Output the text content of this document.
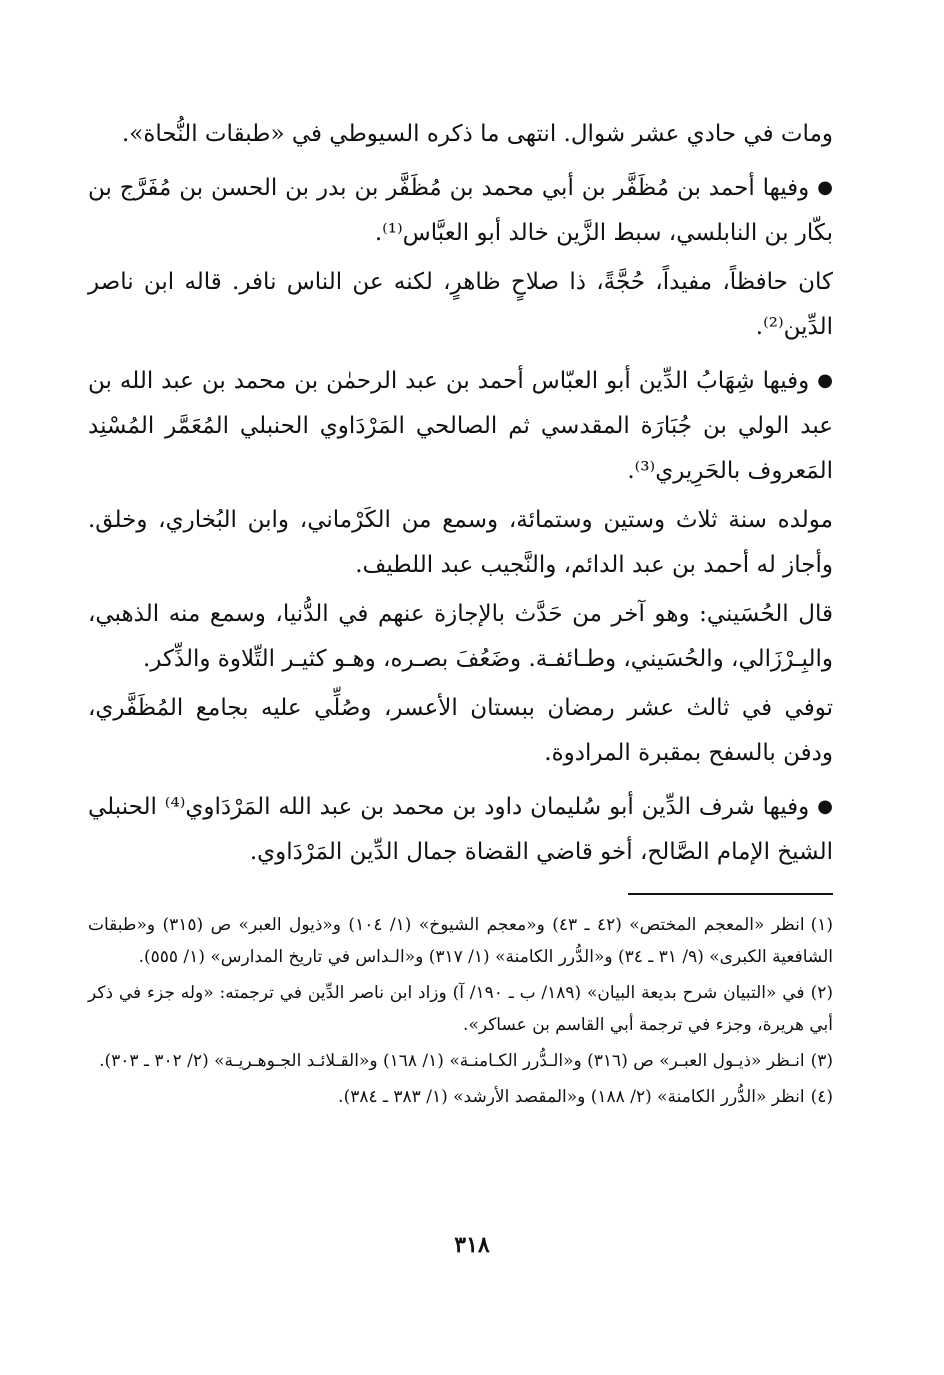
ومات في حادي عشر شوال. انتهى ما ذكره السيوطي في «طبقات النُّحاة».

●وفيها أحمد بن مُظَفَّر بن أبي محمد بن مُظَفَّر بن بدر بن الحسن بن مُفَرَّج بن بكّار بن النابلسي، سبط الزَّين خالد أبو العبَّاس⁽¹⁾.

كان حافظاً، مفيداً، حُجَّةً، ذا صلاحٍ ظاهرٍ، لكنه عن الناس نافر. قاله ابن ناصر الدِّين⁽²⁾.

●وفيها شِهَابُ الدِّين أبو العبّاس أحمد بن عبد الرحمٰن بن محمد بن عبد الله بن عبد الولي بن جُبَارَة المقدسي ثم الصالحي المَرْدَاوي الحنبلي المُعَمَّر المُسْنِد المَعروف بالحَرِيري⁽³⁾.

مولده سنة ثلاث وستين وستمائة، وسمع من الكَرْماني، وابن البُخاري، وخلق. وأجاز له أحمد بن عبد الدائم، والنَّجيب عبد اللطيف.

قال الحُسَيني: وهو آخر من حَدَّث بالإجازة عنهم في الدُّنيا، وسمع منه الذهبي، والبِـرْزَالي، والحُسَيني، وطـائفـة. وضَعُفَ بصـره، وهـو كثيـر التِّلاوة والذِّكر.

توفي في ثالث عشر رمضان ببستان الأعسر، وصُلِّي عليه بجامع المُظَفَّري، ودفن بالسفح بمقبرة المرادوة.

●وفيها شرف الدِّين أبو سُليمان داود بن محمد بن عبد الله المَرْدَاوي⁽⁴⁾ الحنبلي الشيخ الإمام الصَّالح، أخو قاضي القضاة جمال الدِّين المَرْدَاوي.

(١)انظر «المعجم المختص» (٤٢ ـ ٤٣) و«معجم الشيوخ» (١/ ١٠٤) و«ذيول العبر» ص (٣١٥) و«طبقات الشافعية الكبرى» (٩/ ٣١ ـ ٣٤) و«الدُّرر الكامنة» (١/ ٣١٧) و«الـداس في تاريخ المدارس» (١/ ٥٥٥).

(٢)في «التبيان شرح بديعة البيان» (١٨٩/ ب ـ ١٩٠/ آ) وزاد ابن ناصر الدِّين في ترجمته: «وله جزء في ذكر أبي هريرة، وجزء في ترجمة أبي القاسم بن عساكر».

(٣)انـظر «ذيـول العبـر» ص (٣١٦) و«الـدُّرر الكـامنـة» (١/ ١٦٨) و«القـلائـد الجـوهـريـة» (٢/ ٣٠٢ ـ ٣٠٣).

(٤)انظر «الدُّرر الكامنة» (٢/ ١٨٨) و«المقصد الأرشد» (١/ ٣٨٣ ـ ٣٨٤).

٣١٨
